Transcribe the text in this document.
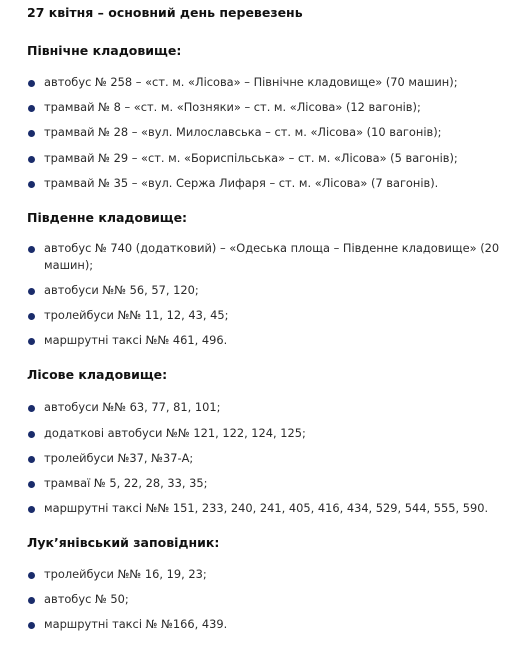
27 квітня – основний день перевезень
Північне кладовище:
автобус № 258 – «ст. м. «Лісова» – Північне кладовище» (70 машин);
трамвай № 8 – «ст. м. «Позняки» – ст. м. «Лісова» (12 вагонів);
трамвай № 28 – «вул. Милославська – ст. м. «Лісова» (10 вагонів);
трамвай № 29 – «ст. м. «Бориспільська» – ст. м. «Лісова» (5 вагонів);
трамвай № 35 – «вул. Сержа Лифаря – ст. м. «Лісова» (7 вагонів).
Південне кладовище:
автобус № 740 (додатковий) – «Одеська площа – Південне кладовище» (20 машин);
автобуси №№ 56, 57, 120;
тролейбуси №№ 11, 12, 43, 45;
маршрутні таксі №№ 461, 496.
Лісове кладовище:
автобуси №№ 63, 77, 81, 101;
додаткові автобуси №№ 121, 122, 124, 125;
тролейбуси №37, №37-А;
трамвaї № 5, 22, 28, 33, 35;
маршрутні таксі №№ 151, 233, 240, 241, 405, 416, 434, 529, 544, 555, 590.
Лук’янівський заповідник:
тролейбуси №№ 16, 19, 23;
автобус № 50;
маршрутні таксі № №166, 439.
